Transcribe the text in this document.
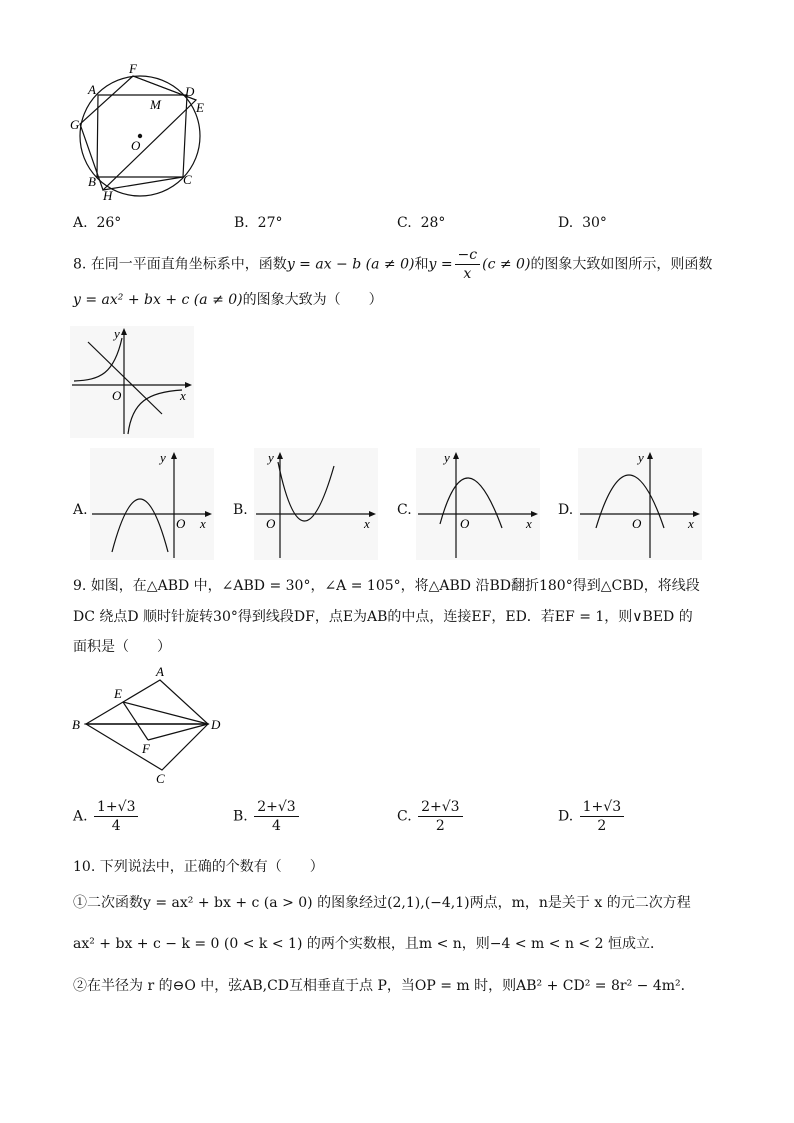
A
F
D
E
M
G
O
B
H
C
A. 26°	B. 27°	C. 28°	D. 30°
8. 在同一平面直角坐标系中，函数y = ax − b (a ≠ 0)和$y = \frac{-c}{x} (c \ne 0)$的图象大致如图所示，则函数
y = ax² + bx + c (a ≠ 0)的图象大致为（　　）
y
x
O
A.	B.	C.	D.
y
x
O
y
x
O
y
x
O
y
x
O
9. 如图，在△ABD 中，∠ABD = 30°，∠A = 105°，将△ABD 沿BD翻折180°得到△CBD，将线段
DC 绕点D 顺时针旋转30°得到线段DF，点E为AB的中点，连接EF，ED．若EF = 1，则∨BED 的
面积是（　　）
A
E
B	D
F
C
A. $\frac{1+√3}{4}$	B. $\frac{2+√3}{4}$	C. $\frac{2+√3}{2}$	D. $\frac{1+√3}{2}$
10. 下列说法中，正确的个数有（　　）
①二次函数y = ax² + bx + c (a > 0) 的图象经过(2,1),(−4,1)两点，m，n是关于 x 的元二次方程
ax² + bx + c − k = 0 (0 < k < 1) 的两个实数根，且m < n，则−4 < m < n < 2 恒成立．
②在半径为 r 的⊖O 中，弦AB,CD互相垂直于点 P，当OP = m 时，则AB² + CD² = 8r² − 4m²．
